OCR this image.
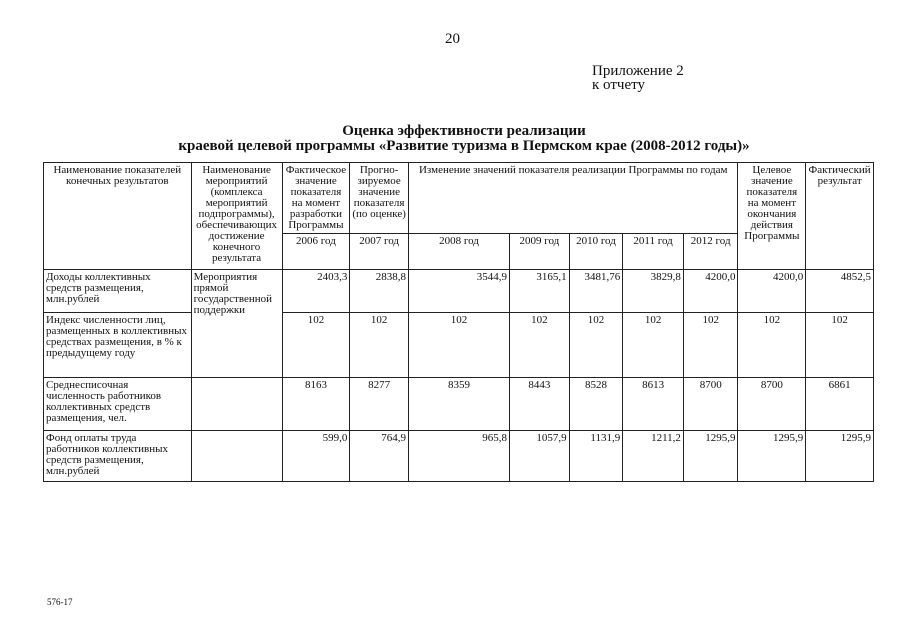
20
Приложение 2
к отчету
Оценка эффективности реализации
краевой целевой программы «Развитие туризма в Пермском крае (2008-2012 годы)»
Наименование показателей конечных результатов	Наименование мероприятий (комплекса мероприятий подпрограммы), обеспечивающих достижение конечного результата	Фактическое значение показателя на момент разработки Программы	Прогно-зируемое значение показателя (по оценке)	Изменение значений показателя реализации Программы по годам					Целевое значение показателя на момент окончания действия Программы	Фактический результат
		2006 год	2007 год	2008 год	2009 год	2010 год	2011 год	2012 год		
Доходы коллективных средств размещения, млн.рублей	Мероприятия прямой государственной поддержки	2403,3	2838,8	3544,9	3165,1	3481,76	3829,8	4200,0	4200,0	4852,5
Индекс численности лиц, размещенных в коллективных средствах размещения, в % к предыдущему году		102	102	102	102	102	102	102	102	102
Среднесписочная численность работников коллективных средств размещения, чел.		8163	8277	8359	8443	8528	8613	8700	8700	6861
Фонд оплаты труда работников коллективных средств размещения, млн.рублей		599,0	764,9	965,8	1057,9	1131,9	1211,2	1295,9	1295,9	1295,9
576-17
